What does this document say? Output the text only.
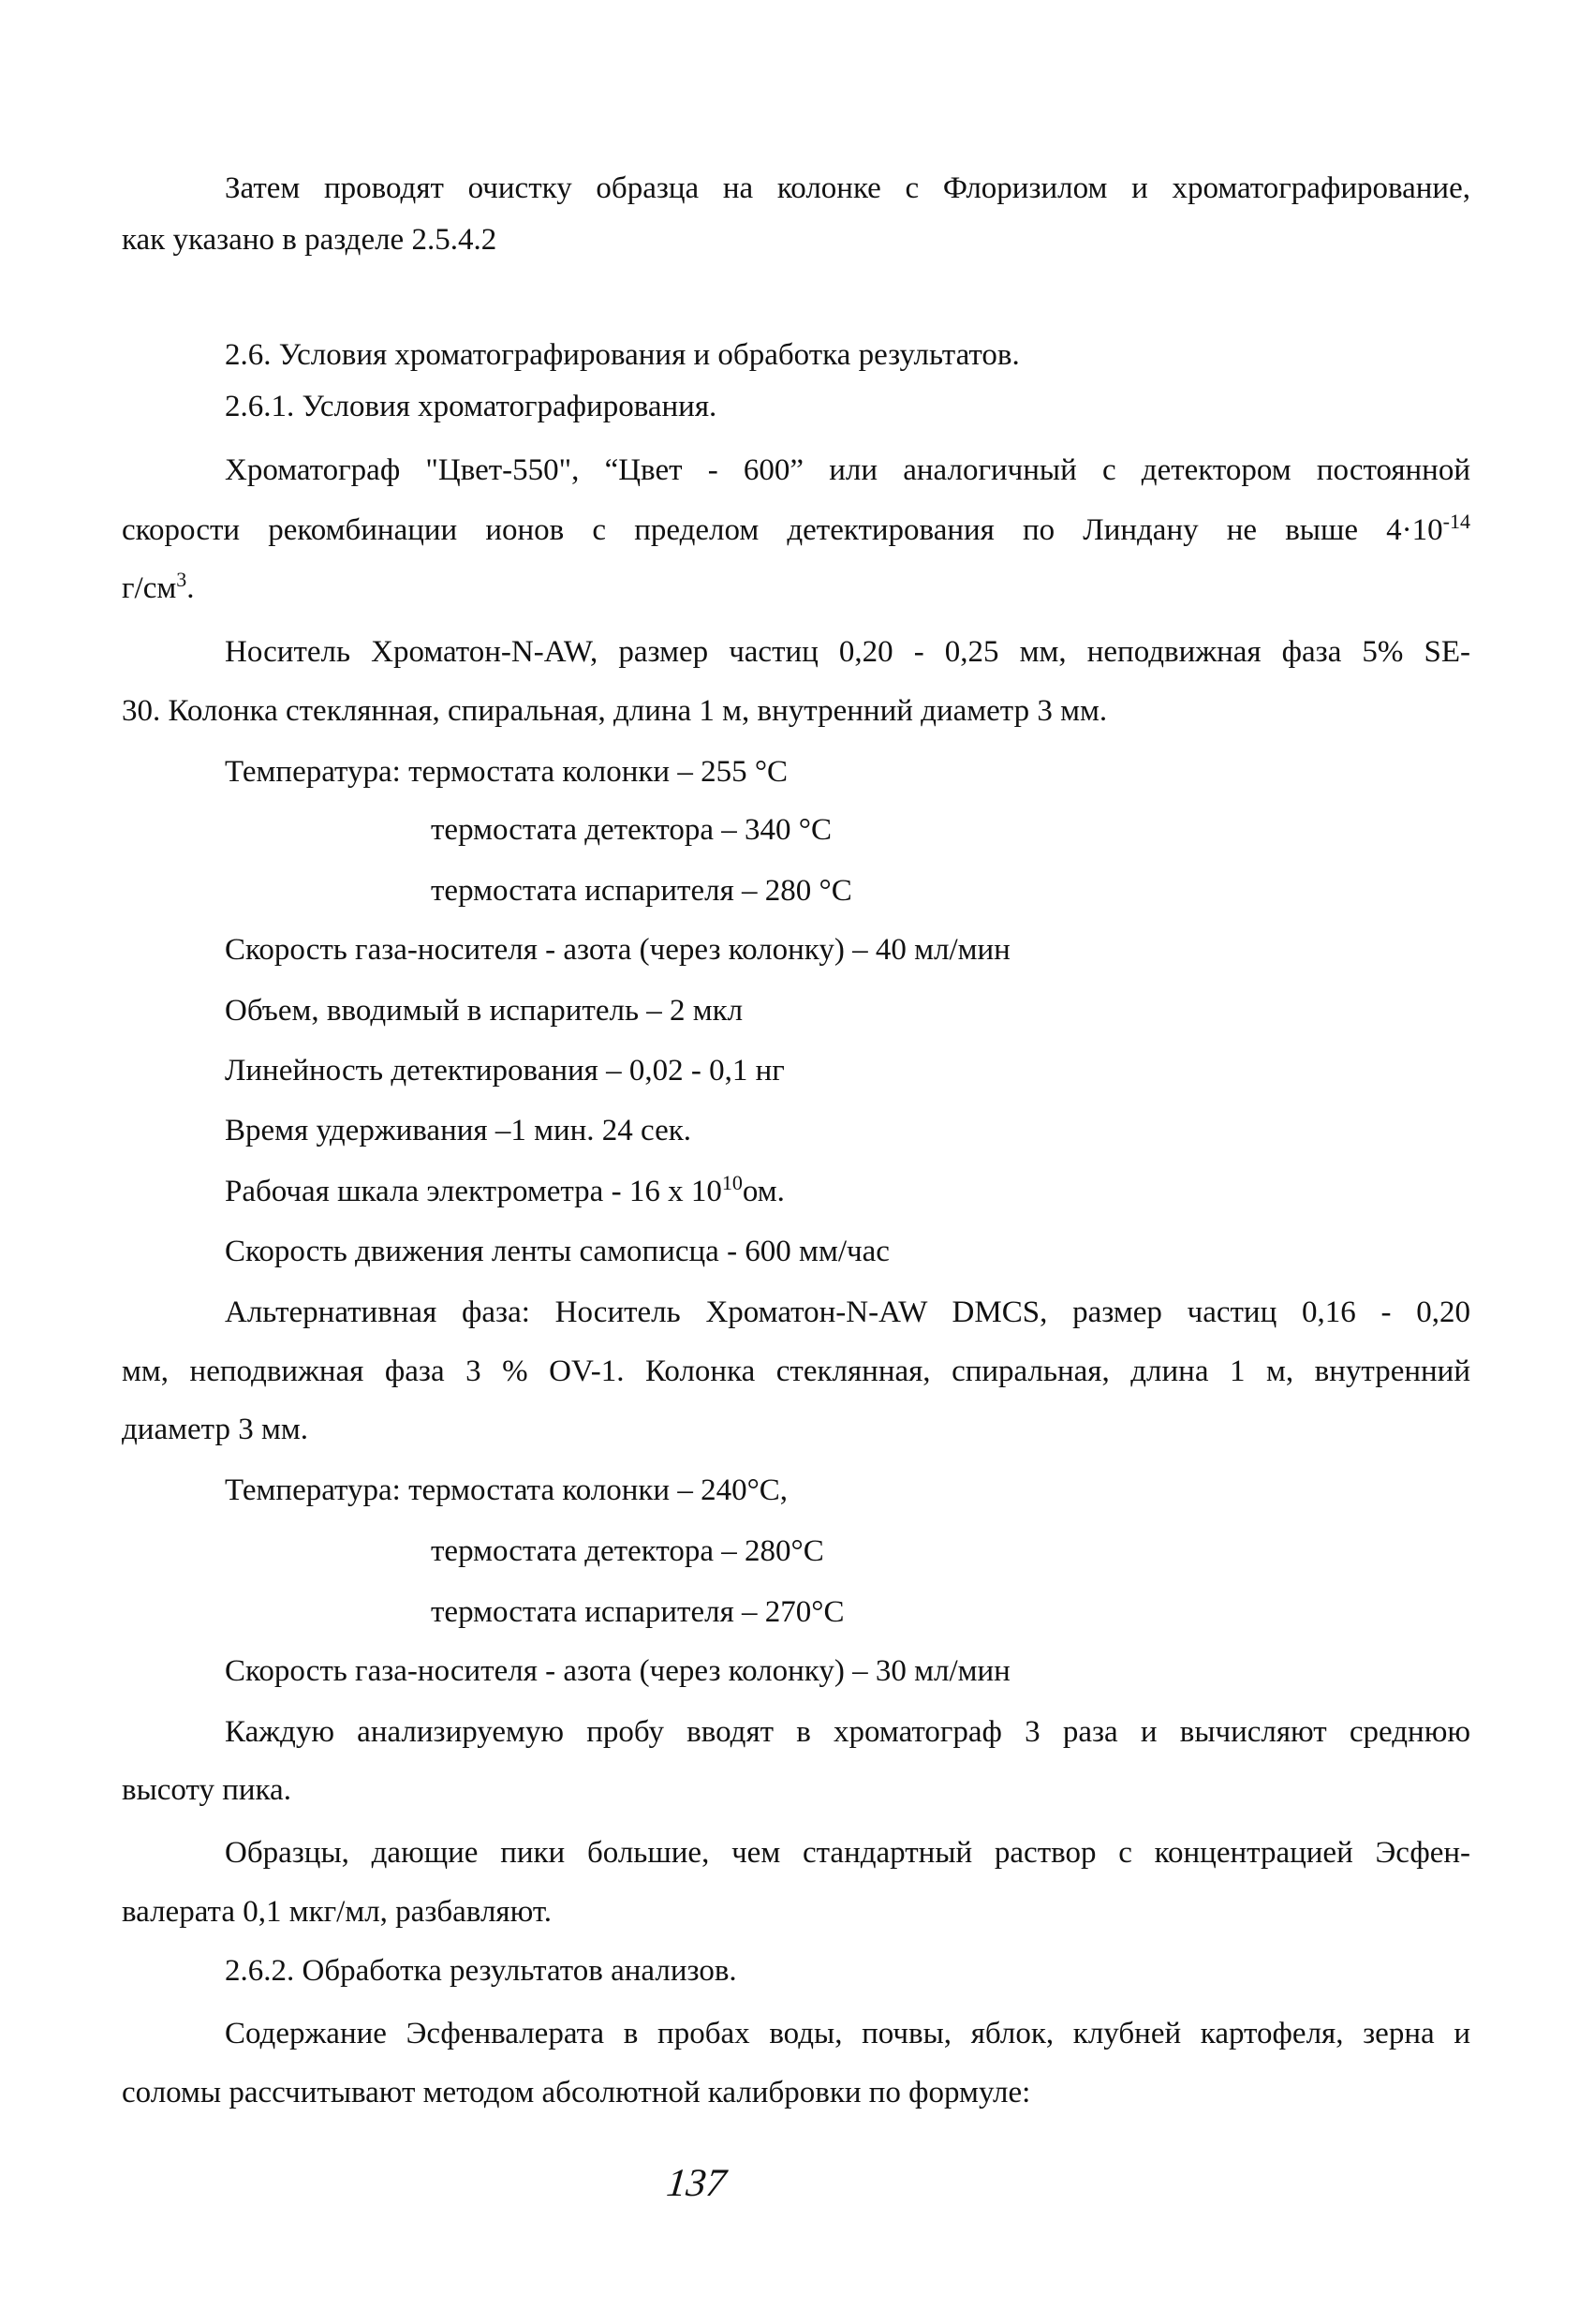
Затем проводят очистку образца на колонке с Флоризилом и хроматографирование,
как указано в разделе 2.5.4.2
2.6. Условия хроматографирования и обработка результатов.
2.6.1. Условия хроматографирования.
Хроматограф "Цвет-550", “Цвет - 600” или аналогичный с детектором постоянной
скорости рекомбинации ионов с пределом детектирования по Линдану не выше $4\cdot 10^{-14}$
$г/см^3$.
Носитель Хроматон-N-AW, размер частиц 0,20 - 0,25 мм, неподвижная фаза 5% SE-
30. Колонка стеклянная, спиральная, длина 1 м, внутренний диаметр 3 мм.
Температура: термостата колонки – 255 °С
термостата детектора – 340 °С
термостата испарителя – 280 °С
Скорость газа-носителя - азота (через колонку) – 40 мл/мин
Объем, вводимый в испаритель – 2 мкл
Линейность детектирования – 0,02 - 0,1 нг
Время удерживания –1 мин. 24 сек.
Рабочая шкала электрометра - 16 х $10^{10}ом$.
Скорость движения ленты самописца - 600 мм/час
Альтернативная фаза: Носитель Хроматон-N-AW DMCS, размер частиц 0,16 - 0,20
мм, неподвижная фаза 3 % OV-1. Колонка стеклянная, спиральная, длина 1 м, внутренний
диаметр 3 мм.
Температура: термостата колонки – 240°С,
термостата детектора – 280°С
термостата испарителя – 270°С
Скорость газа-носителя - азота (через колонку) – 30 мл/мин
Каждую анализируемую пробу вводят в хроматограф 3 раза и вычисляют среднюю
высоту пика.
Образцы, дающие пики большие, чем стандартный раствор с концентрацией Эсфен-
валерата 0,1 мкг/мл, разбавляют.
2.6.2. Обработка результатов анализов.
Содержание Эсфенвалерата в пробах воды, почвы, яблок, клубней картофеля, зерна и
соломы рассчитывают методом абсолютной калибровки по формуле:
137
